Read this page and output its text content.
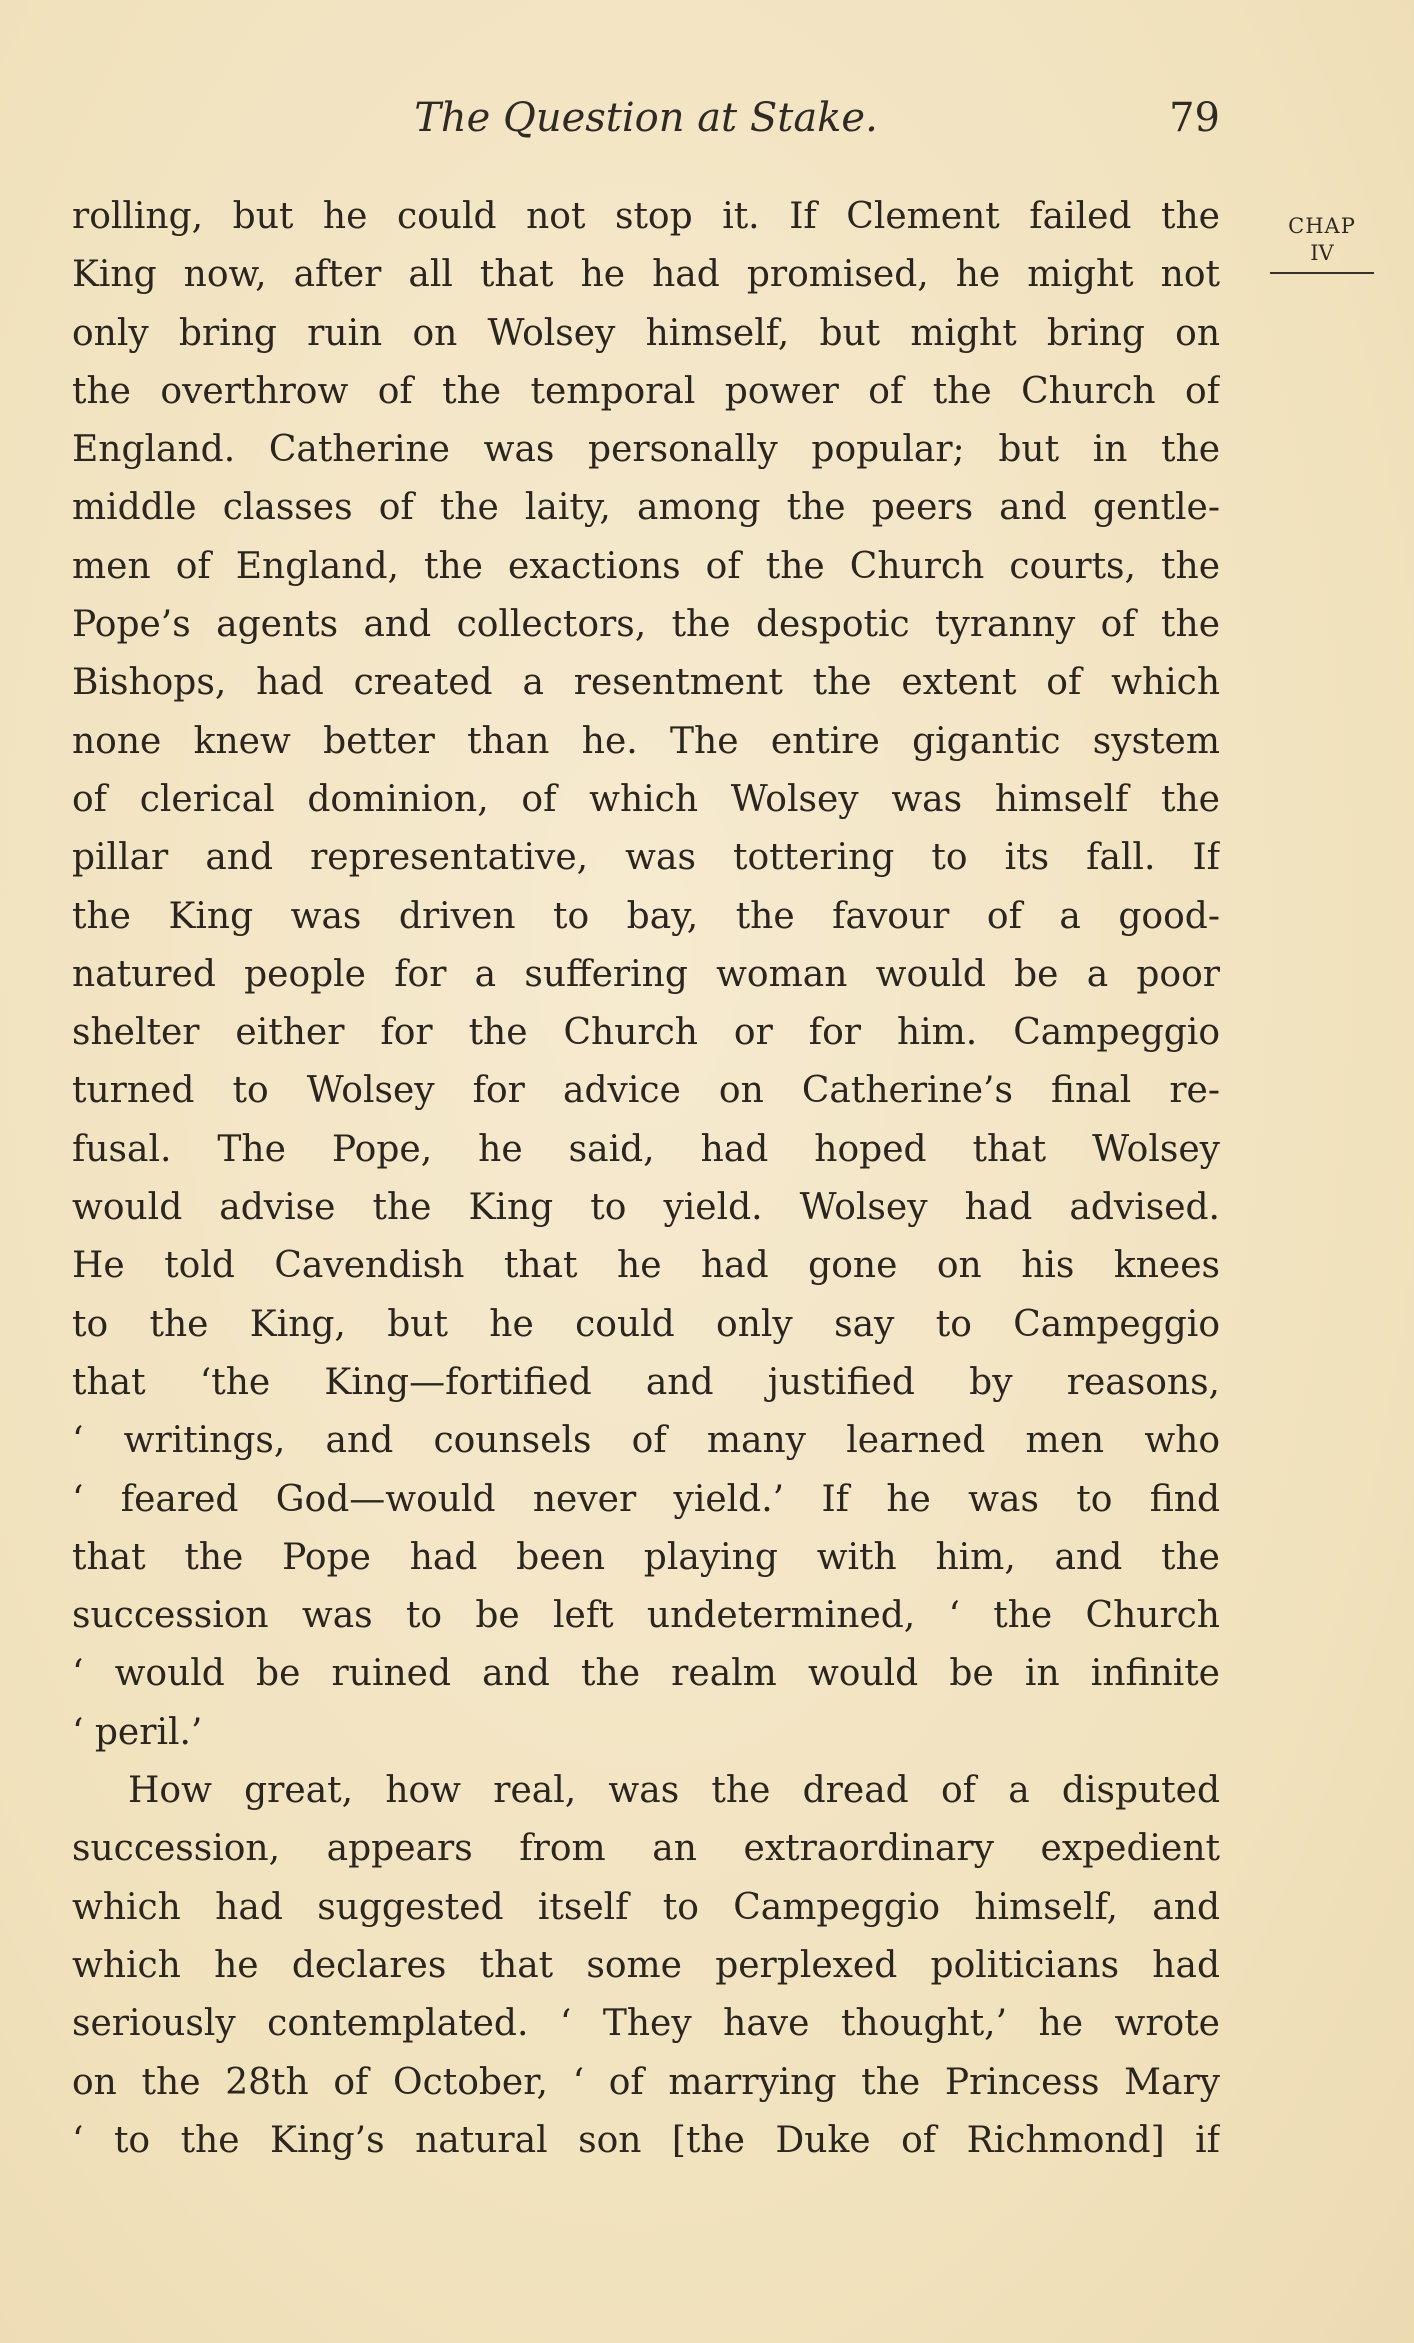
The Question at Stake.	79
CHAP
IV
rolling, but he could not stop it. If Clement failed the
King now, after all that he had promised, he might not
only bring ruin on Wolsey himself, but might bring on
the overthrow of the temporal power of the Church of
England. Catherine was personally popular; but in the
middle classes of the laity, among the peers and gentle-
men of England, the exactions of the Church courts, the
Pope’s agents and collectors, the despotic tyranny of the
Bishops, had created a resentment the extent of which
none knew better than he. The entire gigantic system
of clerical dominion, of which Wolsey was himself the
pillar and representative, was tottering to its fall. If
the King was driven to bay, the favour of a good-
natured people for a suffering woman would be a poor
shelter either for the Church or for him. Campeggio
turned to Wolsey for advice on Catherine’s final re-
fusal. The Pope, he said, had hoped that Wolsey
would advise the King to yield. Wolsey had advised.
He told Cavendish that he had gone on his knees
to the King, but he could only say to Campeggio
that ‘the King—fortified and justified by reasons,
‘ writings, and counsels of many learned men who
‘ feared God—would never yield.’ If he was to find
that the Pope had been playing with him, and the
succession was to be left undetermined, ‘ the Church
‘ would be ruined and the realm would be in infinite
‘ peril.’
How great, how real, was the dread of a disputed
succession, appears from an extraordinary expedient
which had suggested itself to Campeggio himself, and
which he declares that some perplexed politicians had
seriously contemplated. ‘ They have thought,’ he wrote
on the 28th of October, ‘ of marrying the Princess Mary
‘ to the King’s natural son [the Duke of Richmond] if
